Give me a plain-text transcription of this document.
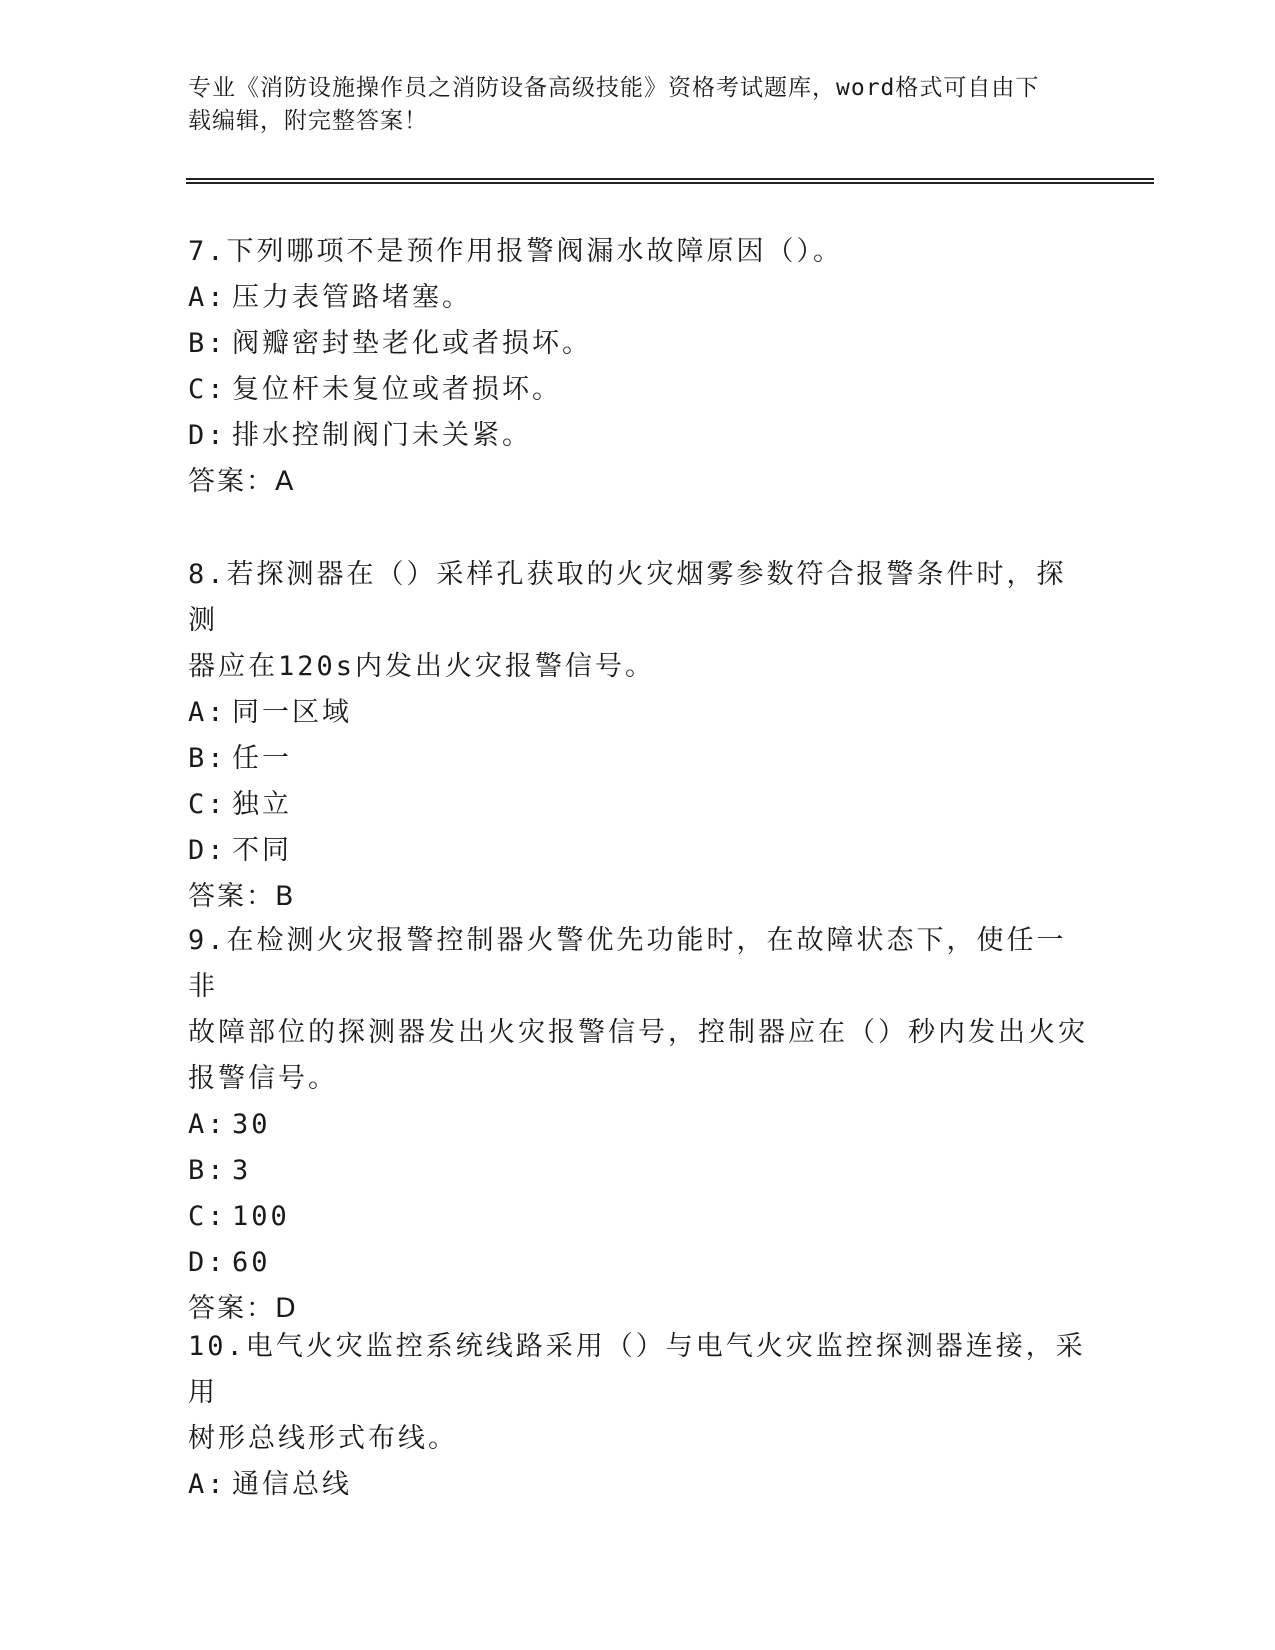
专业《消防设施操作员之消防设备高级技能》资格考试题库，word格式可自由下
载编辑，附完整答案！

7.下列哪项不是预作用报警阀漏水故障原因（）。

A: 压力表管路堵塞。

B: 阀瓣密封垫老化或者损坏。

C: 复位杆未复位或者损坏。

D: 排水控制阀门未关紧。

答案：A

8.若探测器在（）采样孔获取的火灾烟雾参数符合报警条件时，探测

器应在120s内发出火灾报警信号。

A: 同一区域

B: 任一

C: 独立

D: 不同

答案：B

9.在检测火灾报警控制器火警优先功能时，在故障状态下，使任一非

故障部位的探测器发出火灾报警信号，控制器应在（）秒内发出火灾

报警信号。

A: 30

B: 3

C: 100

D: 60

答案：D

10.电气火灾监控系统线路采用（）与电气火灾监控探测器连接，采用

树形总线形式布线。

A: 通信总线
